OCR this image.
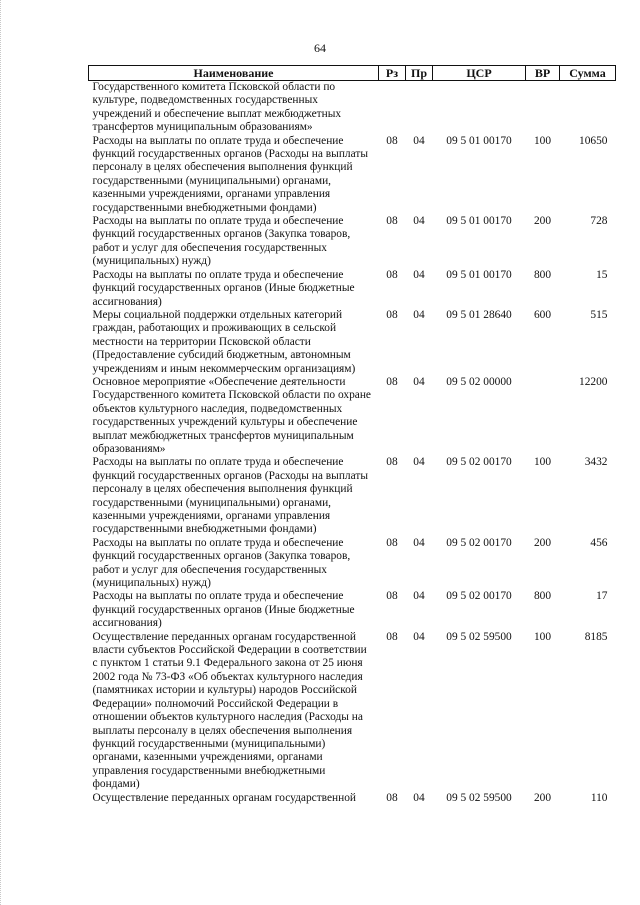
64
Наименование	Рз	Пр	ЦСР	ВР	Сумма
Государственного комитета Псковской области по культуре, подведомственных государственных учреждений и обеспечение выплат межбюджетных трансфертов муниципальным образованиям»					
Расходы на выплаты по оплате труда и обеспечение функций государственных органов (Расходы на выплаты персоналу в целях обеспечения выполнения функций государственными (муниципальными) органами, казенными учреждениями, органами управления государственными внебюджетными фондами)	08	04	09 5 01 00170	100	10650
Расходы на выплаты по оплате труда и обеспечение функций государственных органов (Закупка товаров, работ и услуг для обеспечения государственных (муниципальных) нужд)	08	04	09 5 01 00170	200	728
Расходы на выплаты по оплате труда и обеспечение функций государственных органов (Иные бюджетные ассигнования)	08	04	09 5 01 00170	800	15
Меры социальной поддержки отдельных категорий граждан, работающих и проживающих в сельской местности на территории Псковской области (Предоставление субсидий бюджетным, автономным учреждениям и иным некоммерческим организациям)	08	04	09 5 01 28640	600	515
Основное мероприятие «Обеспечение деятельности Государственного комитета Псковской области по охране объектов культурного наследия, подведомственных государственных учреждений культуры и обеспечение выплат межбюджетных трансфертов муниципальным образованиям»	08	04	09 5 02 00000		12200
Расходы на выплаты по оплате труда и обеспечение функций государственных органов (Расходы на выплаты персоналу в целях обеспечения выполнения функций государственными (муниципальными) органами, казенными учреждениями, органами управления государственными внебюджетными фондами)	08	04	09 5 02 00170	100	3432
Расходы на выплаты по оплате труда и обеспечение функций государственных органов (Закупка товаров, работ и услуг для обеспечения государственных (муниципальных) нужд)	08	04	09 5 02 00170	200	456
Расходы на выплаты по оплате труда и обеспечение функций государственных органов (Иные бюджетные ассигнования)	08	04	09 5 02 00170	800	17
Осуществление переданных органам государственной власти субъектов Российской Федерации в соответствии с пунктом 1 статьи 9.1 Федерального закона от 25 июня 2002 года № 73-ФЗ «Об объектах культурного наследия (памятниках истории и культуры) народов Российской Федерации» полномочий Российской Федерации в отношении объектов культурного наследия (Расходы на выплаты персоналу в целях обеспечения выполнения функций государственными (муниципальными) органами, казенными учреждениями, органами управления государственными внебюджетными фондами)	08	04	09 5 02 59500	100	8185
Осуществление переданных органам государственной	08	04	09 5 02 59500	200	110
